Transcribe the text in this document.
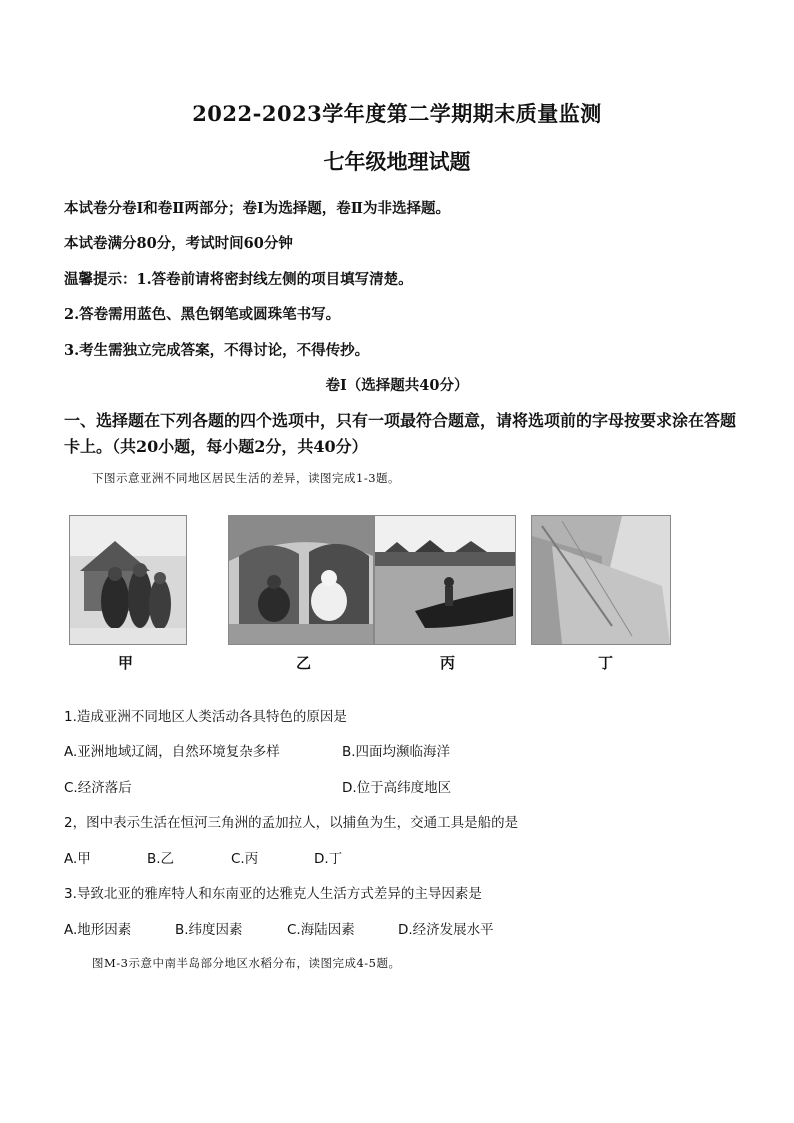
2022-2023学年度第二学期期末质量监测
七年级地理试题
本试卷分卷Ⅰ和卷Ⅱ两部分；卷Ⅰ为选择题，卷Ⅱ为非选择题。
本试卷满分80分，考试时间60分钟
温馨提示：1.答卷前请将密封线左侧的项目填写清楚。
2.答卷需用蓝色、黑色钢笔或圆珠笔书写。
3.考生需独立完成答案，不得讨论，不得传抄。
卷Ⅰ（选择题共40分）
一、选择题在下列各题的四个选项中，只有一项最符合题意，请将选项前的字母按要求涂在答题卡上。（共20小题，每小题2分，共40分）
下图示意亚洲不同地区居民生活的差异，读图完成1-3题。
甲	乙	丙	丁
1.造成亚洲不同地区人类活动各具特色的原因是
A.亚洲地域辽阔，自然环境复杂多样	B.四面均濒临海洋
C.经济落后	D.位于高纬度地区
2，图中表示生活在恒河三角洲的孟加拉人，以捕鱼为生，交通工具是船的是
A.甲	B.乙	C.丙	D.丁
3.导致北亚的雅库特人和东南亚的达雅克人生活方式差异的主导因素是
A.地形因素	B.纬度因素	C.海陆因素	D.经济发展水平
图M-3示意中南半岛部分地区水稻分布，读图完成4-5题。
